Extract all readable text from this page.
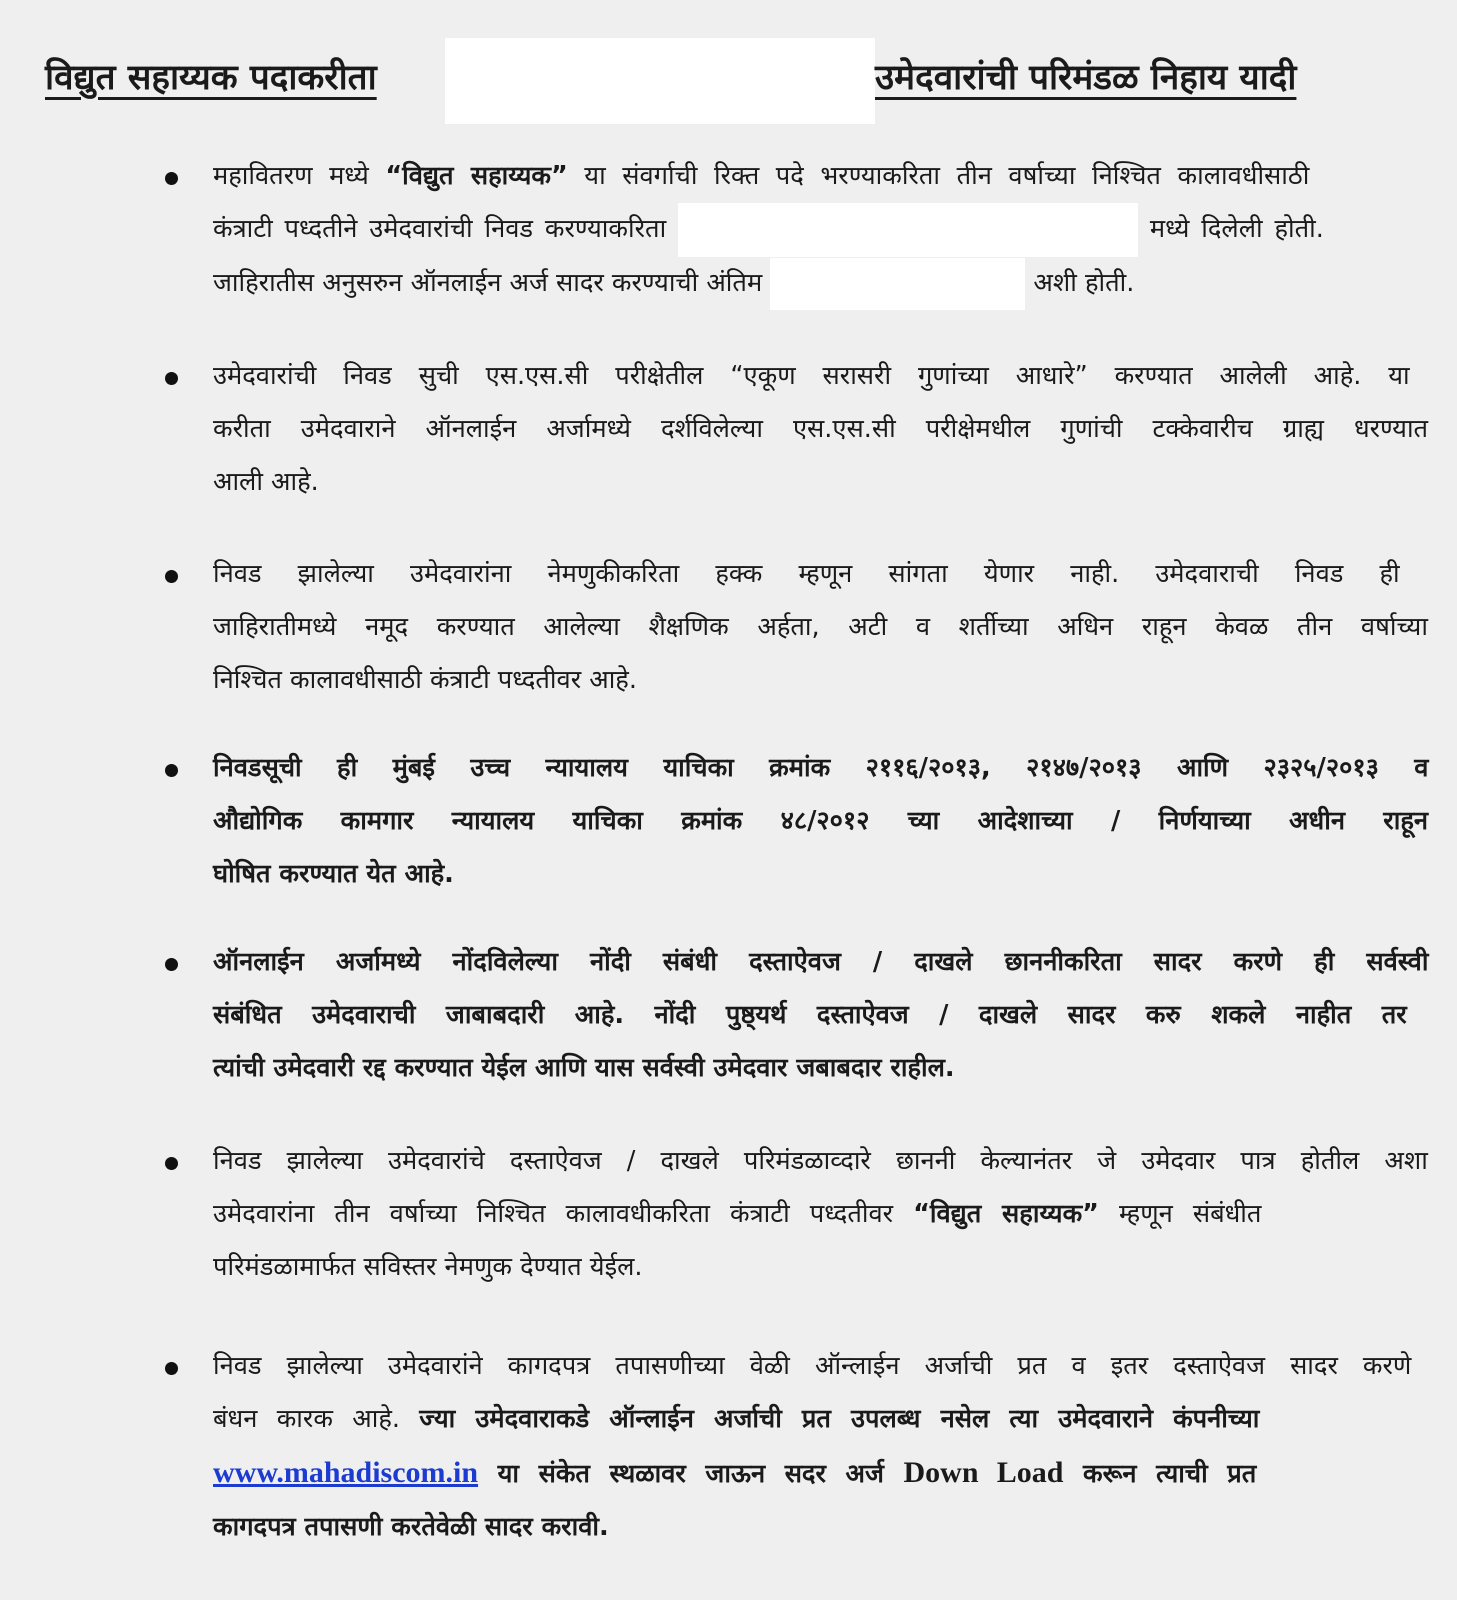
विद्युत सहाय्यक पदाकरीता	उमेदवारांची परिमंडळ निहाय यादी
महावितरण मध्ये “विद्युत सहाय्यक” या संवर्गाची रिक्त पदे भरण्याकरिता तीन वर्षाच्या निश्चित कालावधीसाठी
कंत्राटी पध्दतीने उमेदवारांची निवड करण्याकरिता	मध्ये दिलेली होती.
जाहिरातीस अनुसरुन ऑनलाईन अर्ज सादर करण्याची अंतिम	अशी होती.
उमेदवारांची निवड सुची एस.एस.सी परीक्षेतील “एकूण सरासरी गुणांच्या आधारे” करण्यात आलेली आहे. या
करीता उमेदवाराने ऑनलाईन अर्जामध्ये दर्शविलेल्या एस.एस.सी परीक्षेमधील गुणांची टक्केवारीच ग्राह्य धरण्यात
आली आहे.
निवड झालेल्या उमेदवारांना नेमणुकीकरिता हक्क म्हणून सांगता येणार नाही. उमेदवाराची निवड ही
जाहिरातीमध्ये नमूद करण्यात आलेल्या शैक्षणिक अर्हता, अटी व शर्तीच्या अधिन राहून केवळ तीन वर्षाच्या
निश्चित कालावधीसाठी कंत्राटी पध्दतीवर आहे.
निवडसूची ही मुंबई उच्च न्यायालय याचिका क्रमांक २११६/२०१३, २१४७/२०१३ आणि २३२५/२०१३ व
औद्योगिक कामगार न्यायालय याचिका क्रमांक ४८/२०१२ च्या आदेशाच्या / निर्णयाच्या अधीन राहून
घोषित करण्यात येत आहे.
ऑनलाईन अर्जामध्ये नोंदविलेल्या नोंदी संबंधी दस्ताऐवज / दाखले छाननीकरिता सादर करणे ही सर्वस्वी
संबंधित उमेदवाराची जाबाबदारी आहे. नोंदी पुष्ठ्यर्थ दस्ताऐवज / दाखले सादर करु शकले नाहीत तर
त्यांची उमेदवारी रद्द करण्यात येईल आणि यास सर्वस्वी उमेदवार जबाबदार राहील.
निवड झालेल्या उमेदवारांचे दस्ताऐवज / दाखले परिमंडळाव्दारे छाननी केल्यानंतर जे उमेदवार पात्र होतील अशा
उमेदवारांना तीन वर्षाच्या निश्चित कालावधीकरिता कंत्राटी पध्दतीवर “विद्युत सहाय्यक” म्हणून संबंधीत
परिमंडळामार्फत सविस्तर नेमणुक देण्यात येईल.
निवड झालेल्या उमेदवारांने कागदपत्र तपासणीच्या वेळी ऑन्लाईन अर्जाची प्रत व इतर दस्ताऐवज सादर करणे
बंधन कारक आहे. ज्या उमेदवाराकडे ऑन्लाईन अर्जाची प्रत उपलब्ध नसेल त्या उमेदवाराने कंपनीच्या
www.mahadiscom.in या संकेत स्थळावर जाऊन सदर अर्ज Down Load करून त्याची प्रत
कागदपत्र तपासणी करतेवेळी सादर करावी.
